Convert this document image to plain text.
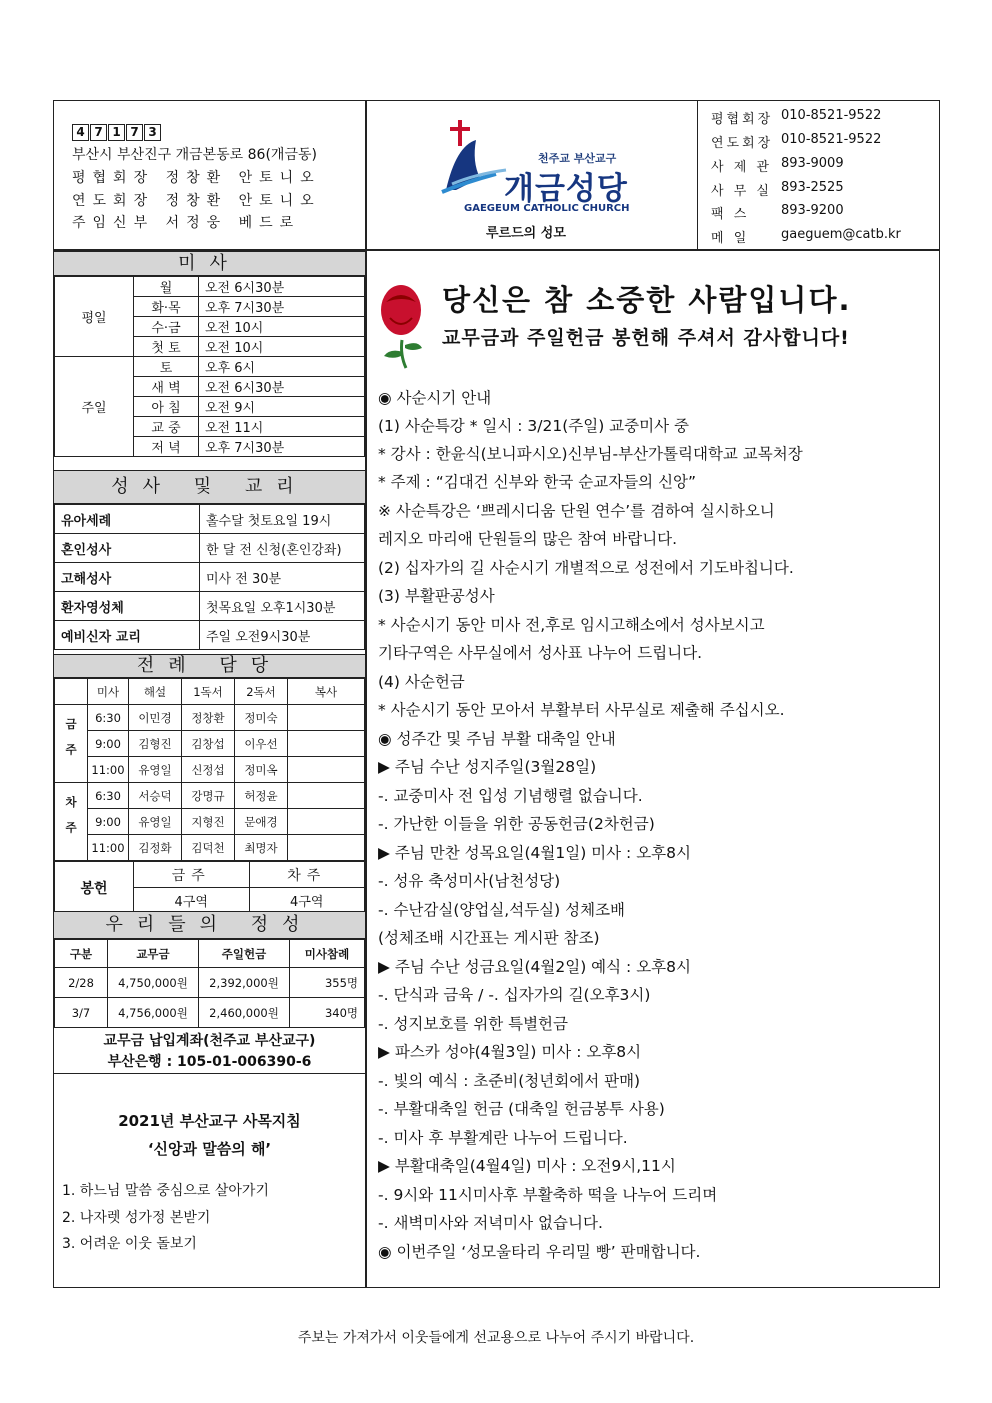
4 7 1 7 3
부산시 부산진구 개금본동로 86(개금동)
평협회장 정창환 안토니오
연도회장 정창환 안토니오
주임신부 서정웅 베드로
천주교 부산교구
개금성당
GAEGEUM CATHOLIC CHURCH
루르드의 성모
평협회장 010-8521-9522
연도회장 010-8521-9522
사 제 관 893-9009
사 무 실 893-2525
팩 스	893-9200
메 일	gaeguem@catb.kr
미사
평일	월	오전 6시30분
	화·목	오후 7시30분
	수·금	오전 10시
	첫 토	오전 10시
주일	토	오후 6시
	새 벽	오전 6시30분
	아 침	오전 9시
	교 중	오전 11시
	저 녁	오후 7시30분
성사 및 교리
유아세례	홀수달 첫토요일 19시
혼인성사	한 달 전 신청(혼인강좌)
고해성사	미사 전 30분
환자영성체	첫목요일 오후1시30분
예비신자 교리	주일 오전9시30분
전례 담당
	미사	해설	1독서	2독서	복사
금주	6:30	이민경	정창환	정미숙	
	9:00	김형진	김창섭	이우선	
	11:00	유영일	신정섭	정미옥	
차주	6:30	서승덕	강명규	허정윤	
	9:00	유영일	지형진	문애경	
	11:00	김정화	김덕천	최명자	
봉헌	금주	차주
	4구역	4구역
우리들의 정성
구분	교무금	주일헌금	미사참례
2/28	4,750,000원	2,392,000원	355명
3/7	4,756,000원	2,460,000원	340명
교무금 납입계좌(천주교 부산교구)
부산은행 : 105-01-006390-6
2021년 부산교구 사목지침
‘신앙과 말씀의 해’
1. 하느님 말씀 중심으로 살아가기
2. 나자렛 성가정 본받기
3. 어려운 이웃 돌보기
당신은 참 소중한 사람입니다.
교무금과 주일헌금 봉헌해 주셔서 감사합니다!
◉ 사순시기 안내
(1) 사순특강 * 일시 : 3/21(주일) 교중미사 중
* 강사 : 한윤식(보니파시오)신부님-부산가톨릭대학교 교목처장
* 주제 : “김대건 신부와 한국 순교자들의 신앙”
※ 사순특강은 ‘쁘레시디움 단원 연수’를 겸하여 실시하오니
레지오 마리애 단원들의 많은 참여 바랍니다.
(2) 십자가의 길 사순시기 개별적으로 성전에서 기도바칩니다.
(3) 부활판공성사
* 사순시기 동안 미사 전,후로 임시고해소에서 성사보시고
기타구역은 사무실에서 성사표 나누어 드립니다.
(4) 사순헌금
* 사순시기 동안 모아서 부활부터 사무실로 제출해 주십시오.
◉ 성주간 및 주님 부활 대축일 안내
▶ 주님 수난 성지주일(3월28일)
-. 교중미사 전 입성 기념행렬 없습니다.
-. 가난한 이들을 위한 공동헌금(2차헌금)
▶ 주님 만찬 성목요일(4월1일) 미사 : 오후8시
-. 성유 축성미사(남천성당)
-. 수난감실(양업실,석두실) 성체조배
(성체조배 시간표는 게시판 참조)
▶ 주님 수난 성금요일(4월2일) 예식 : 오후8시
-. 단식과 금육 / -. 십자가의 길(오후3시)
-. 성지보호를 위한 특별헌금
▶ 파스카 성야(4월3일) 미사 : 오후8시
-. 빛의 예식 : 초준비(청년회에서 판매)
-. 부활대축일 헌금 (대축일 헌금봉투 사용)
-. 미사 후 부활계란 나누어 드립니다.
▶ 부활대축일(4월4일) 미사 : 오전9시,11시
-. 9시와 11시미사후 부활축하 떡을 나누어 드리며
-. 새벽미사와 저녁미사 없습니다.
◉ 이번주일 ‘성모울타리 우리밀 빵’ 판매합니다.
주보는 가져가서 이웃들에게 선교용으로 나누어 주시기 바랍니다.
